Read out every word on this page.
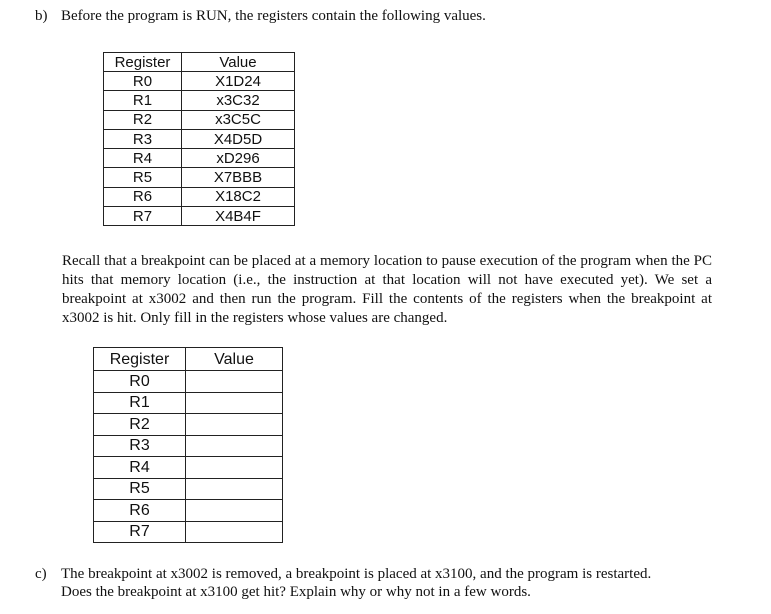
b) Before the program is RUN, the registers contain the following values.
Register	Value
R0	X1D24
R1	x3C32
R2	x3C5C
R3	X4D5D
R4	xD296
R5	X7BBB
R6	X18C2
R7	X4B4F
Recall that a breakpoint can be placed at a memory location to pause execution of the program when the PC hits that memory location (i.e., the instruction at that location will not have executed yet). We set a breakpoint at x3002 and then run the program. Fill the contents of the registers when the breakpoint at x3002 is hit. Only fill in the registers whose values are changed.
Register	Value
R0	
R1	
R2	
R3	
R4	
R5	
R6	
R7	
c) The breakpoint at x3002 is removed, a breakpoint is placed at x3100, and the program is restarted.
Does the breakpoint at x3100 get hit? Explain why or why not in a few words.
